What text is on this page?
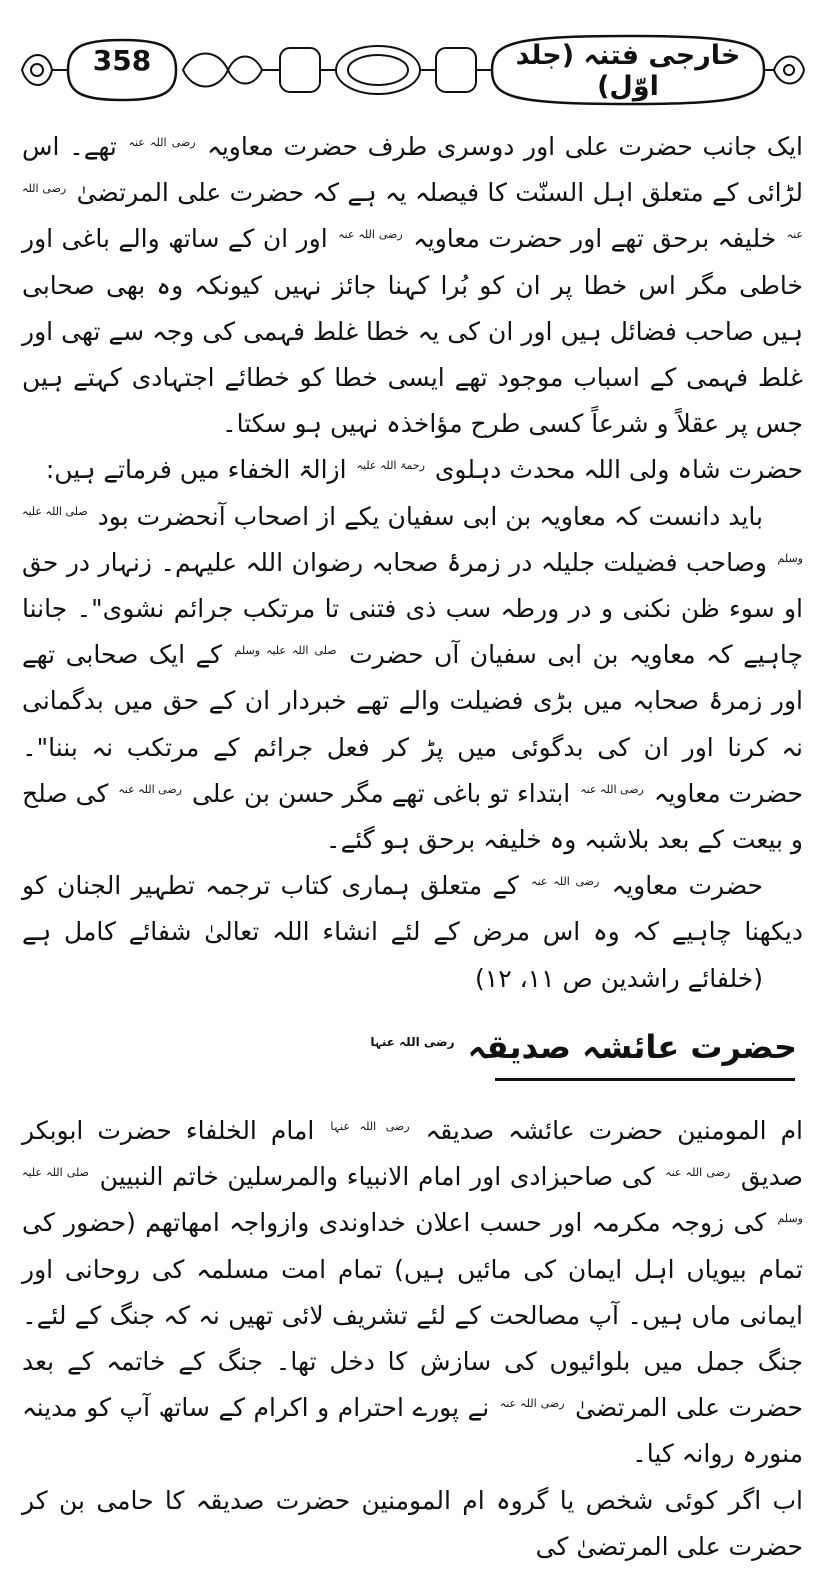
358	خارجی فتنہ (جلد اوّل)

ایک جانب حضرت علی اور دوسری طرف حضرت معاویہ $^{رضی اللہ عنہ}$ تھے۔ اس لڑائی کے متعلق اہل السنّت کا فیصلہ یہ ہے کہ حضرت علی المرتضیٰ $^{رضی اللہ عنہ}$ خلیفہ برحق تھے اور حضرت معاویہ $^{رضی اللہ عنہ}$ اور ان کے ساتھ والے باغی اور خاطی مگر اس خطا پر ان کو بُرا کہنا جائز نہیں کیونکہ وہ بھی صحابی ہیں صاحب فضائل ہیں اور ان کی یہ خطا غلط فہمی کی وجہ سے تھی اور غلط فہمی کے اسباب موجود تھے ایسی خطا کو خطائے اجتہادی کہتے ہیں جس پر عقلاً و شرعاً کسی طرح مؤاخذہ نہیں ہو سکتا۔

حضرت شاہ ولی اللہ محدث دہلوی $^{رحمۃ اللہ علیہ}$ ازالۃ الخفاء میں فرماتے ہیں:

باید دانست کہ معاویہ بن ابی سفیان یکے از اصحاب آنحضرت بود $^{صلی اللہ علیہ وسلم}$ وصاحب فضیلت جلیلہ در زمرۂ صحابہ رضوان اللہ علیہم۔ زنہار در حق او سوء ظن نکنی و در ورطہ سب ذی فتنی تا مرتکب جرائم نشوی"۔ جاننا چاہیے کہ معاویہ بن ابی سفیان آں حضرت $^{صلی اللہ علیہ وسلم}$ کے ایک صحابی تھے اور زمرۂ صحابہ میں بڑی فضیلت والے تھے خبردار ان کے حق میں بدگمانی نہ کرنا اور ان کی بدگوئی میں پڑ کر فعل جرائم کے مرتکب نہ بننا"۔ حضرت معاویہ $^{رضی اللہ عنہ}$ ابتداء تو باغی تھے مگر حسن بن علی $^{رضی اللہ عنہ}$ کی صلح و بیعت کے بعد بلاشبہ وہ خلیفہ برحق ہو گئے۔

حضرت معاویہ $^{رضی اللہ عنہ}$ کے متعلق ہماری کتاب ترجمہ تطہیر الجنان کو دیکھنا چاہیے کہ وہ اس مرض کے لئے انشاء اللہ تعالیٰ شفائے کامل ہے (خلفائے راشدین ص ۱۱، ۱۲)

حضرت عائشہ صدیقہ $^{رضی اللہ عنہا}$

ام المومنین حضرت عائشہ صدیقہ $^{رضی اللہ عنہا}$ امام الخلفاء حضرت ابوبکر صدیق $^{رضی اللہ عنہ}$ کی صاحبزادی اور امام الانبیاء والمرسلین خاتم النبیین $^{صلی اللہ علیہ وسلم}$ کی زوجہ مکرمہ اور حسب اعلان خداوندی وازواجہ امھاتھم (حضور کی تمام بیویاں اہل ایمان کی مائیں ہیں) تمام امت مسلمہ کی روحانی اور ایمانی ماں ہیں۔ آپ مصالحت کے لئے تشریف لائی تھیں نہ کہ جنگ کے لئے۔ جنگ جمل میں بلوائیوں کی سازش کا دخل تھا۔ جنگ کے خاتمہ کے بعد حضرت علی المرتضیٰ $^{رضی اللہ عنہ}$ نے پورے احترام و اکرام کے ساتھ آپ کو مدینہ منورہ روانہ کیا۔

اب اگر کوئی شخص یا گروہ ام المومنین حضرت صدیقہ کا حامی بن کر حضرت علی المرتضیٰ کی
